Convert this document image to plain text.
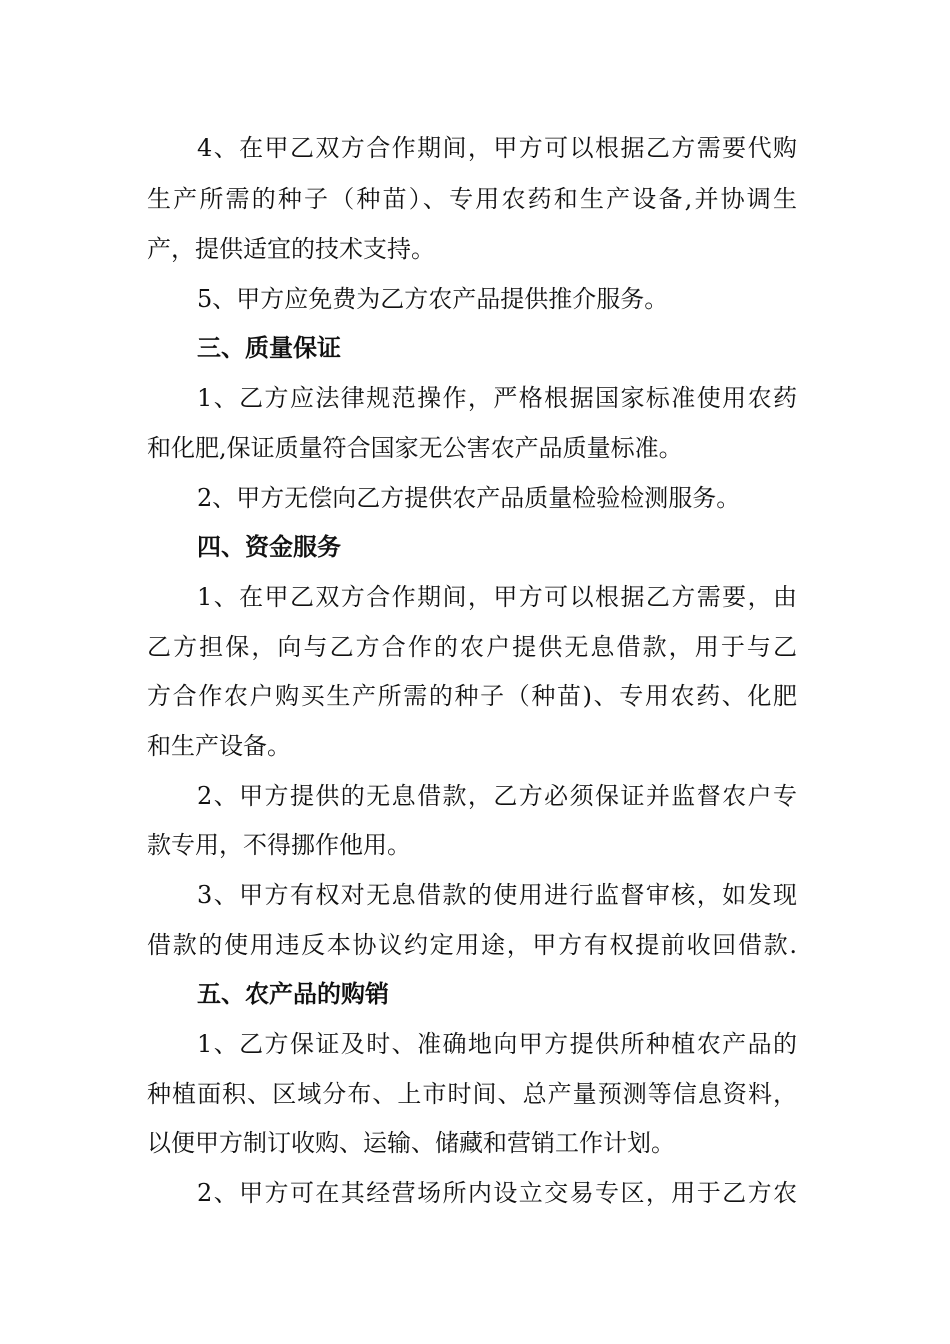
4、在甲乙双方合作期间，甲方可以根据乙方需要代购
生产所需的种子（种苗）、专用农药和生产设备,并协调生
产，提供适宜的技术支持。
5、甲方应免费为乙方农产品提供推介服务。
三、质量保证
1、乙方应法律规范操作，严格根据国家标准使用农药
和化肥,保证质量符合国家无公害农产品质量标准。
2、甲方无偿向乙方提供农产品质量检验检测服务。
四、资金服务
1、在甲乙双方合作期间，甲方可以根据乙方需要，由
乙方担保，向与乙方合作的农户提供无息借款，用于与乙
方合作农户购买生产所需的种子（种苗)、专用农药、化肥
和生产设备。
2、甲方提供的无息借款，乙方必须保证并监督农户专
款专用，不得挪作他用。
3、甲方有权对无息借款的使用进行监督审核，如发现
借款的使用违反本协议约定用途，甲方有权提前收回借款.
五、农产品的购销
1、乙方保证及时、准确地向甲方提供所种植农产品的
种植面积、区域分布、上市时间、总产量预测等信息资料，
以便甲方制订收购、运输、储藏和营销工作计划。
2、甲方可在其经营场所内设立交易专区，用于乙方农
